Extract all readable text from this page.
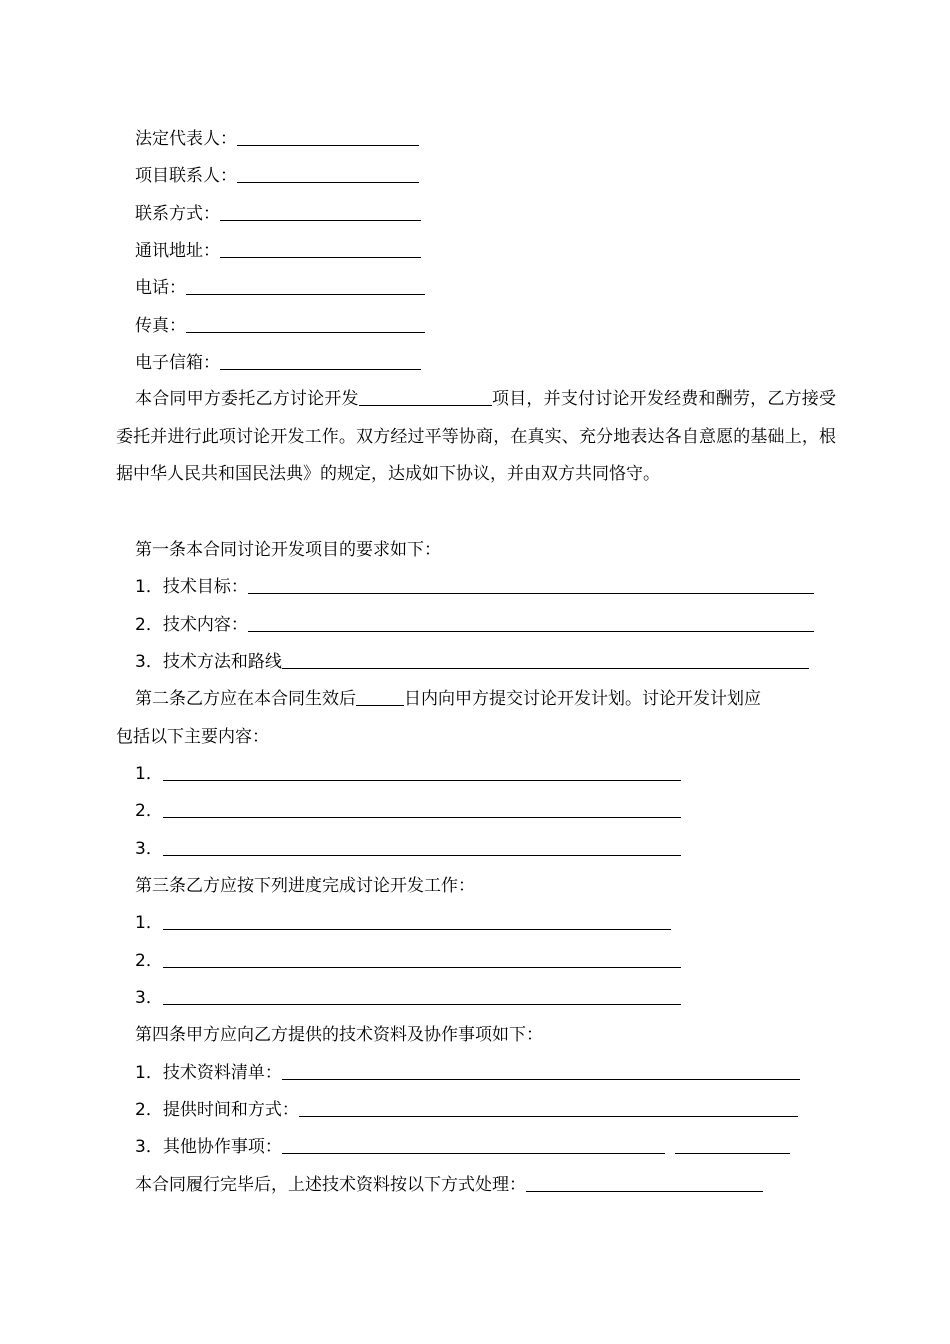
法定代表人：
项目联系人：
联系方式：
通讯地址：
电话：
传真：
电子信箱：
本合同甲方委托乙方讨论开发	项目，并支付讨论开发经费和酬劳，乙方接受委托并进行此项讨论开发工作。双方经过平等协商，在真实、充分地表达各自意愿的基础上，根据中华人民共和国民法典》的规定，达成如下协议，并由双方共同恪守。
第一条本合同讨论开发项目的要求如下：
1．技术目标：
2．技术内容：
3．技术方法和路线
第二条乙方应在本合同生效后	日内向甲方提交讨论开发计划。讨论开发计划应
包括以下主要内容：
1．
2．
3．
第三条乙方应按下列进度完成讨论开发工作：
1．
2．
3．
第四条甲方应向乙方提供的技术资料及协作事项如下：
1．技术资料清单：
2．提供时间和方式：
3．其他协作事项：
本合同履行完毕后，上述技术资料按以下方式处理：
